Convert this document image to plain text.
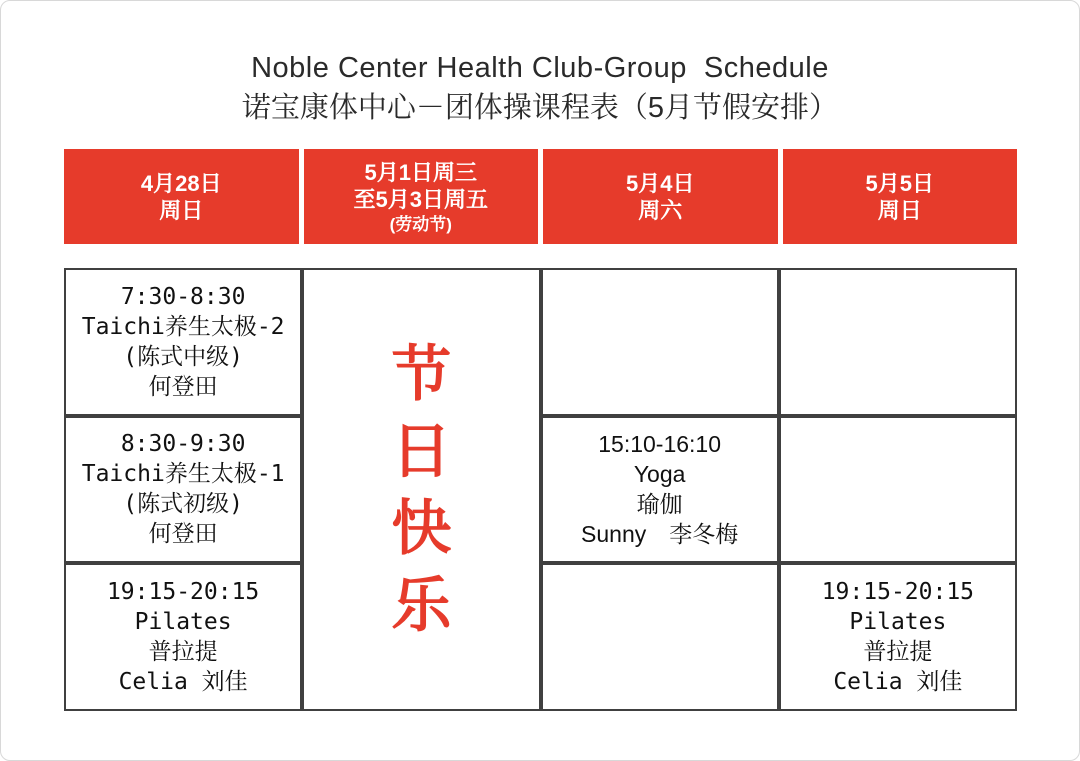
Noble Center Health Club-Group  Schedule
诺宝康体中心－团体操课程表（5月节假安排）
4月28日
周日
5月1日周三
至5月3日周五
(劳动节)
5月4日
周六
5月5日
周日
7:30-8:30
Taichi养生太极-2
(陈式中级)
何登田
8:30-9:30
Taichi养生太极-1
(陈式初级)
何登田
19:15-20:15
Pilates
普拉提
Celia 刘佳
节日快乐
15:10-16:10
Yoga
瑜伽
Sunny　李冬梅
19:15-20:15
Pilates
普拉提
Celia 刘佳
